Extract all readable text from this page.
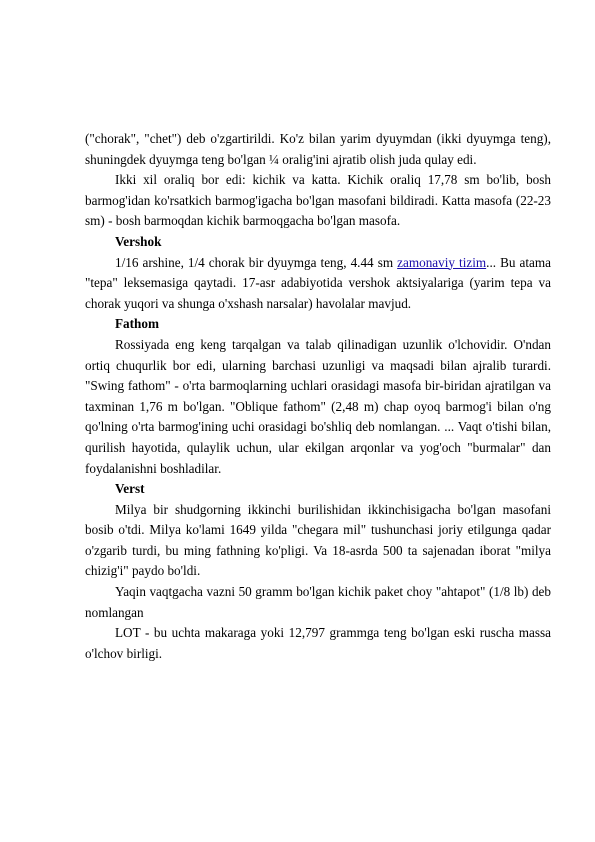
("chorak", "chet") deb o'zgartirildi. Ko'z bilan yarim dyuymdan (ikki dyuymga teng), shuningdek dyuymga teng bo'lgan ¼ oralig'ini ajratib olish juda qulay edi.

Ikki xil oraliq bor edi: kichik va katta. Kichik oraliq 17,78 sm bo'lib, bosh barmog'idan ko'rsatkich barmog'igacha bo'lgan masofani bildiradi. Katta masofa (22-23 sm) - bosh barmoqdan kichik barmoqgacha bo'lgan masofa.

Vershok

1/16 arshine, 1/4 chorak bir dyuymga teng, 4.44 sm zamonaviy tizim... Bu atama "tepa" leksemasiga qaytadi. 17-asr adabiyotida vershok aktsiyalariga (yarim tepa va chorak yuqori va shunga o'xshash narsalar) havolalar mavjud.

Fathom

Rossiyada eng keng tarqalgan va talab qilinadigan uzunlik o'lchovidir. O'ndan ortiq chuqurlik bor edi, ularning barchasi uzunligi va maqsadi bilan ajralib turardi. "Swing fathom" - o'rta barmoqlarning uchlari orasidagi masofa bir-biridan ajratilgan va taxminan 1,76 m bo'lgan. "Oblique fathom" (2,48 m) chap oyoq barmog'i bilan o'ng qo'lning o'rta barmog'ining uchi orasidagi bo'shliq deb nomlangan. ... Vaqt o'tishi bilan, qurilish hayotida, qulaylik uchun, ular ekilgan arqonlar va yog'och "burmalar" dan foydalanishni boshladilar.

Verst

Milya bir shudgorning ikkinchi burilishidan ikkinchisigacha bo'lgan masofani bosib o'tdi. Milya ko'lami 1649 yilda "chegara mil" tushunchasi joriy etilgunga qadar o'zgarib turdi, bu ming fathning ko'pligi. Va 18-asrda 500 ta sajenadan iborat "milya chizig'i" paydo bo'ldi.

Yaqin vaqtgacha vazni 50 gramm bo'lgan kichik paket choy "ahtapot" (1/8 lb) deb nomlangan

LOT - bu uchta makaraga yoki 12,797 grammga teng bo'lgan eski ruscha massa o'lchov birligi.
